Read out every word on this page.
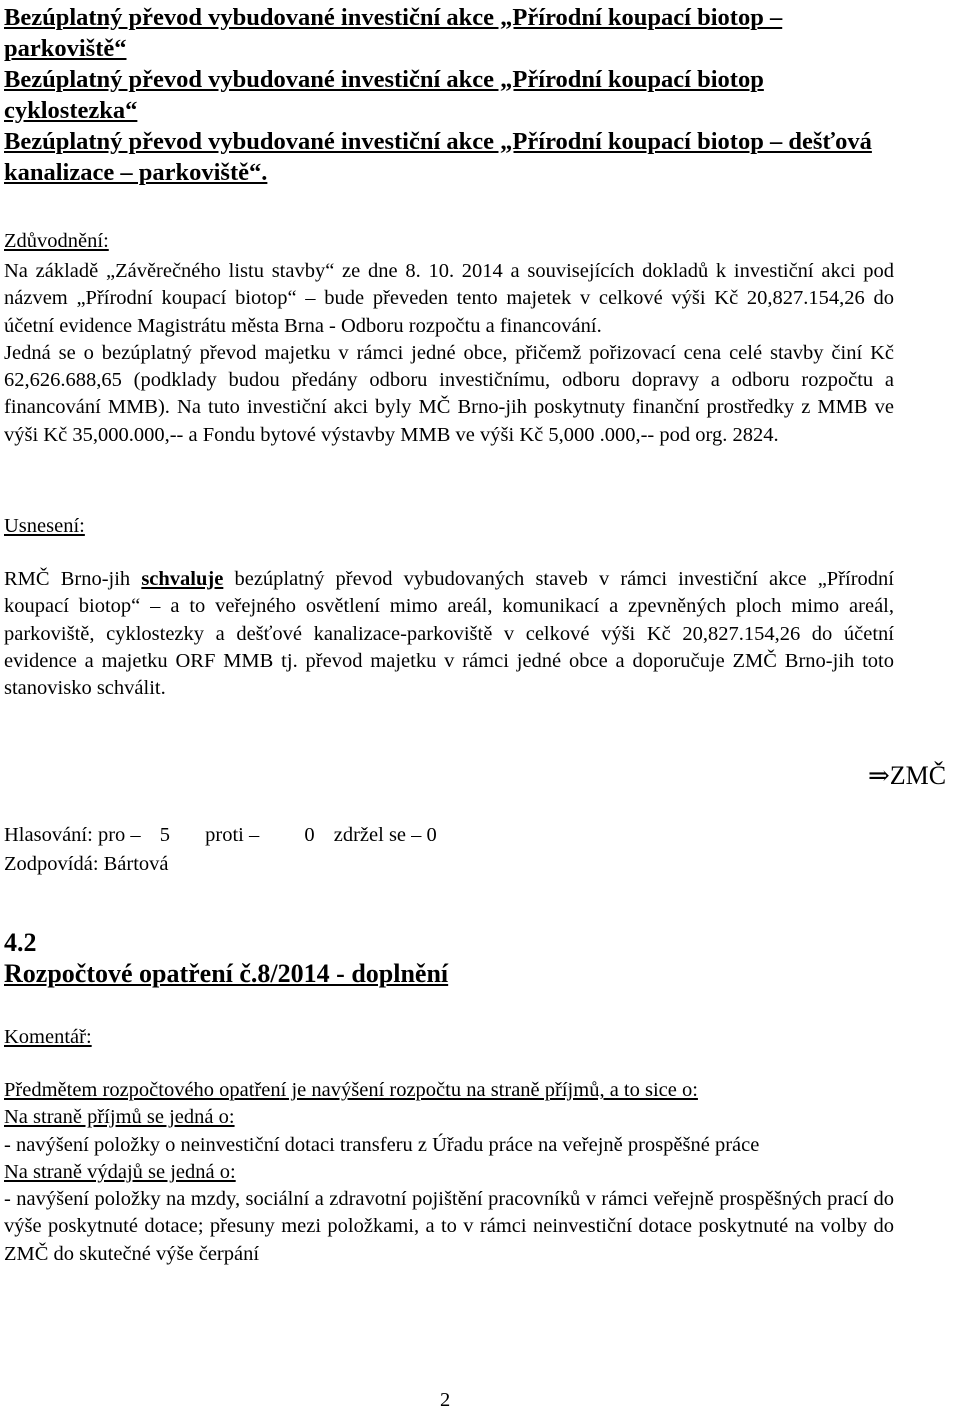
Bezúplatný převod vybudované investiční akce „Přírodní koupací biotop – parkoviště“

Bezúplatný převod vybudované investiční akce „Přírodní koupací biotop cyklostezka“

Bezúplatný převod vybudované investiční akce „Přírodní koupací biotop – dešťová kanalizace – parkoviště“.

Zdůvodnění:

Na základě „Závěrečného listu stavby“ ze dne 8. 10. 2014 a souvisejících dokladů k investiční akci pod názvem „Přírodní koupací biotop“ – bude převeden tento majetek v celkové výši Kč 20,827.154,26 do účetní evidence Magistrátu města Brna - Odboru rozpočtu a financování.

Jedná se o bezúplatný převod majetku v rámci jedné obce, přičemž pořizovací cena celé stavby činí Kč 62,626.688,65 (podklady budou předány odboru investičnímu, odboru dopravy a odboru rozpočtu a financování MMB). Na tuto investiční akci byly MČ Brno-jih poskytnuty finanční prostředky z MMB ve výši Kč 35,000.000,-- a Fondu bytové výstavby MMB ve výši Kč 5,000 .000,-- pod org. 2824.

Usnesení:

RMČ Brno-jih schvaluje bezúplatný převod vybudovaných staveb v rámci investiční akce „Přírodní koupací biotop“ – a to veřejného osvětlení mimo areál, komunikací a zpevněných ploch mimo areál, parkoviště, cyklostezky a dešťové kanalizace-parkoviště v celkové výši Kč 20,827.154,26 do účetní evidence a majetku ORF MMB tj. převod majetku v rámci jedné obce a doporučuje ZMČ Brno-jih toto stanovisko schválit.

⇒ZMČ
Hlasování: pro – 5 proti – 0 zdržel se – 0
Zodpovídá: Bártová
4.2
Rozpočtové opatření č.8/2014 - doplnění
Komentář:

Předmětem rozpočtového opatření je navýšení rozpočtu na straně příjmů, a to sice o:

Na straně příjmů se jedná o:

- navýšení položky o neinvestiční dotaci transferu z Úřadu práce na veřejně prospěšné práce

Na straně výdajů se jedná o:

- navýšení položky na mzdy, sociální a zdravotní pojištění pracovníků v rámci veřejně prospěšných prací do výše poskytnuté dotace; přesuny mezi položkami, a to v rámci neinvestiční dotace poskytnuté na volby do ZMČ do skutečné výše čerpání

2
